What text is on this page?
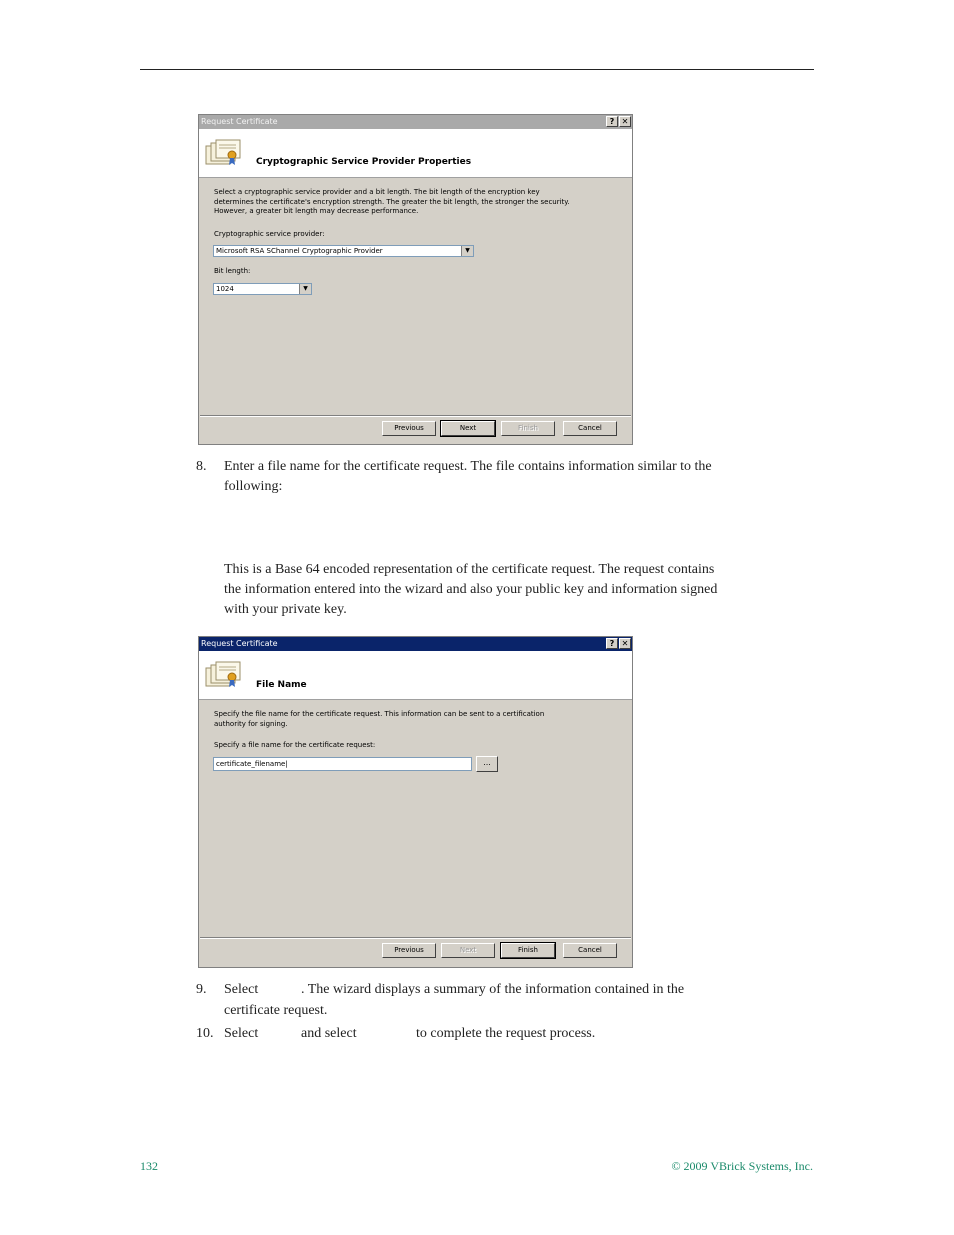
Request Certificate	? ✕
Cryptographic Service Provider Properties
Select a cryptographic service provider and a bit length. The bit length of the encryption key
determines the certificate's encryption strength. The greater the bit length, the stronger the security.
However, a greater bit length may decrease performance.
Cryptographic service provider:
Microsoft RSA SChannel Cryptographic Provider	▼
Bit length:
1024	▼
Previous	Next	Finish	Cancel
8. Enter a file name for the certificate request. The file contains information similar to the
following:
This is a Base 64 encoded representation of the certificate request. The request contains
the information entered into the wizard and also your public key and information signed
with your private key.
Request Certificate	? ✕
File Name
Specify the file name for the certificate request. This information can be sent to a certification
authority for signing.
Specify a file name for the certificate request:
certificate_filename|	...
Previous	Next	Finish	Cancel
9. Select	. The wizard displays a summary of the information contained in the
certificate request.
10. Select	and select	to complete the request process.
132	© 2009 VBrick Systems, Inc.
